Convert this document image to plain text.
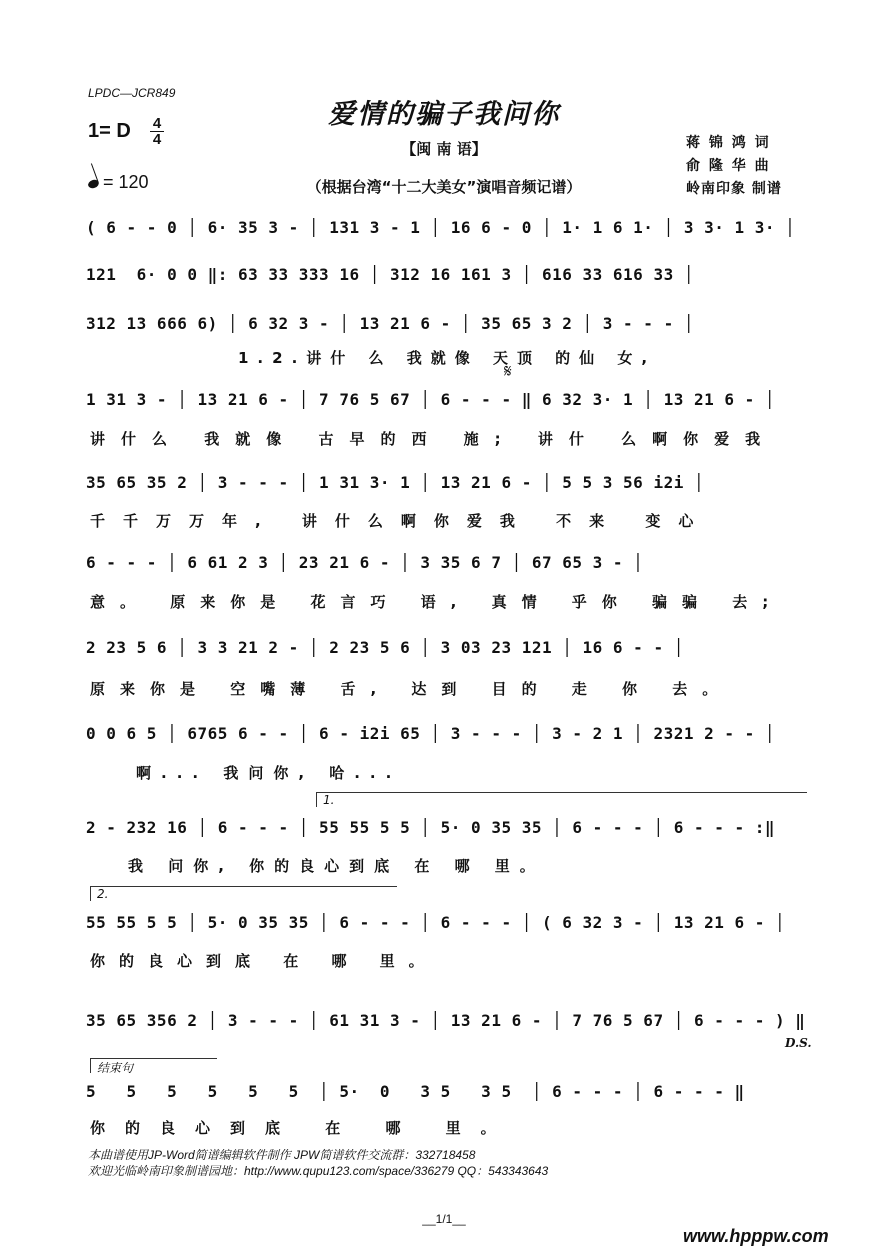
LPDC—JCR849
爱情的骗子我问你
1= D 4
4
【闽 南 语】
= 120	（根据台湾“十二大美女”演唱音频记谱）
蒋 锦 鸿 词
俞 隆 华 曲
岭南印象 制谱
( 6 - - 0 │ 6· 35 3 - │ 131 3 - 1 │ 16 6 - 0 │ 1· 1 6 1· │ 3 3· 1 3· │
121  6· 0 0 ‖: 63 33 333 16 │ 312 16 161 3 │ 616 33 616 33 │
312 13 666 6) │ 6 32 3 - │ 13 21 6 - │ 35 65 3 2 │ 3 - - - │
1.2.讲什 么 我就像 天顶 的仙 女,
𝄋
1 31 3 - │ 13 21 6 - │ 7 76 5 67 │ 6 - - - ‖ 6 32 3· 1 │ 13 21 6 - │
讲什么 我就像 古早的西 施; 讲什 么啊你爱我
35 65 35 2 │ 3 - - - │ 1 31 3· 1 │ 13 21 6 - │ 5 5 3 56 i2i │
千千万万年, 讲什么啊你爱我 不来 变心
6 - - - │ 6 61 2 3 │ 23 21 6 - │ 3 35 6 7 │ 67 65 3 - │
意。 原来你是 花言巧 语, 真情 乎你 骗骗 去;
2 23 5 6 │ 3 3 21 2 - │ 2 23 5 6 │ 3 03 23 121 │ 16 6 - - │
原来你是 空嘴薄 舌, 达到 目的 走 你 去。
0 0 6 5 │ 6765 6 - - │ 6 - i2i 65 │ 3 - - - │ 3 - 2 1 │ 2321 2 - - │
啊... 我问你, 哈...
1.
2 - 232 16 │ 6 - - - │ 55 55 5 5 │ 5· 0 35 35 │ 6 - - - │ 6 - - - :‖
我 问你, 你的良心到底 在 哪 里。
2.
55 55 5 5 │ 5· 0 35 35 │ 6 - - - │ 6 - - - │ ( 6 32 3 - │ 13 21 6 - │
你的良心到底 在 哪 里。
35 65 356 2 │ 3 - - - │ 61 31 3 - │ 13 21 6 - │ 7 76 5 67 │ 6 - - - ) ‖
D.S.
结束句
5   5   5   5   5   5  │ 5·  0   3 5   3 5  │ 6 - - - │ 6 - - - ‖
你的良心到底 在 哪 里。
本曲谱使用JP-Word简谱编辑软件制作 JPW简谱软件交流群：332718458
欢迎光临岭南印象制谱园地：http://www.qupu123.com/space/336279 QQ：543343643
__1/1__
www.hpppw.com
